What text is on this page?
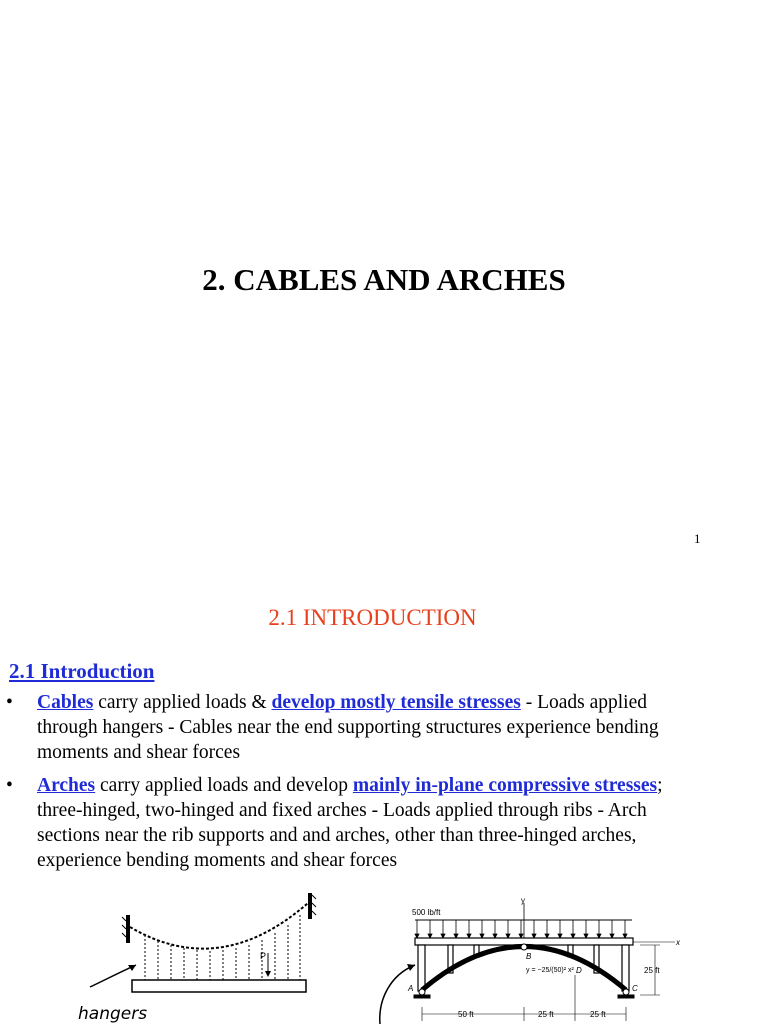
2. CABLES AND ARCHES
1
2.1 INTRODUCTION
2.1 Introduction
•	Cables carry applied loads & develop mostly tensile stresses - Loads applied
through hangers - Cables near the end supporting structures experience bending
moments and shear forces
•	Arches carry applied loads and develop mainly in-plane compressive stresses;
three-hinged, two-hinged and fixed arches - Loads applied through ribs - Arch
sections near the rib supports and and arches, other than three-hinged arches,
experience bending moments and shear forces
P
hangers
y
500 lb/ft
x
A
B
C
D
y = −25/(50)² x²	25 ft
50 ft	25 ft	25 ft
